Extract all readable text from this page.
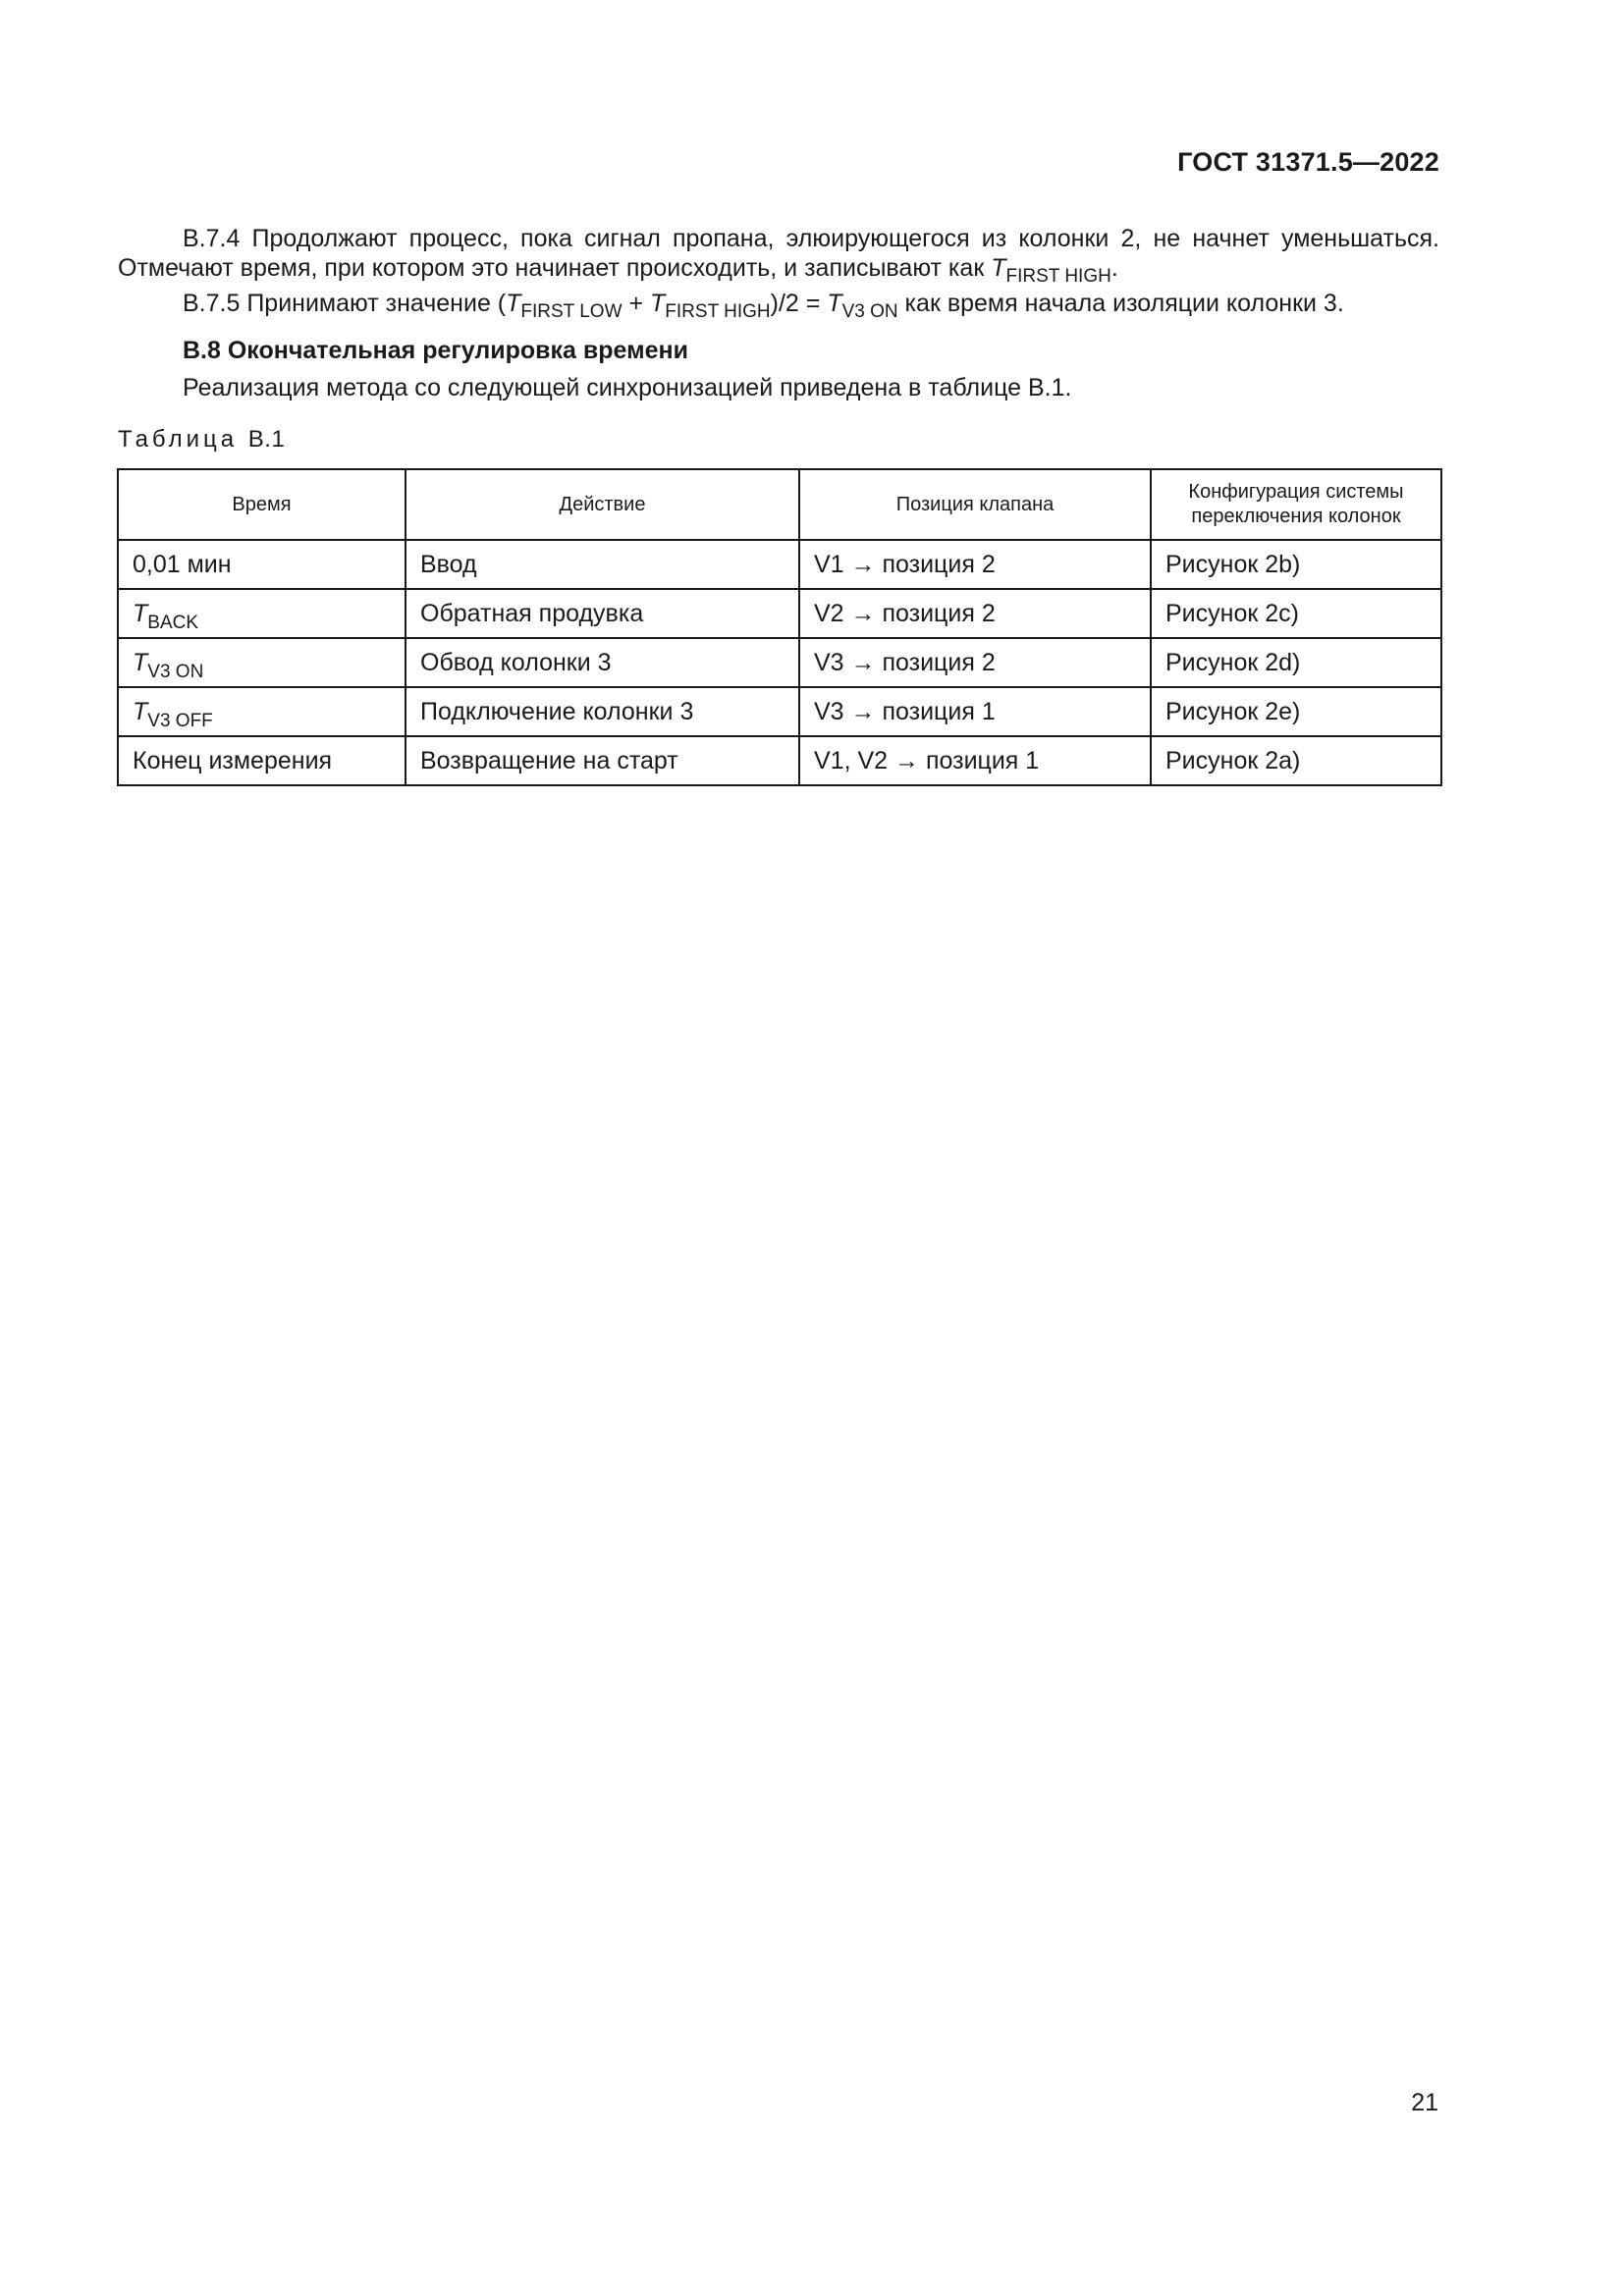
ГОСТ 31371.5—2022
B.7.4 Продолжают процесс, пока сигнал пропана, элюирующегося из колонки 2, не начнет уменьшаться. Отмечают время, при котором это начинает происходить, и записывают как $T_{FIRST HIGH}$.
B.7.5 Принимают значение $(T_{FIRST LOW} + T_{FIRST HIGH})/2 = T_{V3 ON}$ как время начала изоляции колонки 3.
B.8 Окончательная регулировка времени
Реализация метода со следующей синхронизацией приведена в таблице B.1.
Таблица B.1
Время	Действие	Позиция клапана	Конфигурация системы переключения колонок
0,01 мин	Ввод	V1 → позиция 2	Рисунок 2b)
$T_{BACK}$	Обратная продувка	V2 → позиция 2	Рисунок 2c)
$T_{V3 ON}$	Обвод колонки 3	V3 → позиция 2	Рисунок 2d)
$T_{V3 OFF}$	Подключение колонки 3	V3 → позиция 1	Рисунок 2e)
Конец измерения	Возвращение на старт	V1, V2 → позиция 1	Рисунок 2a)
21
